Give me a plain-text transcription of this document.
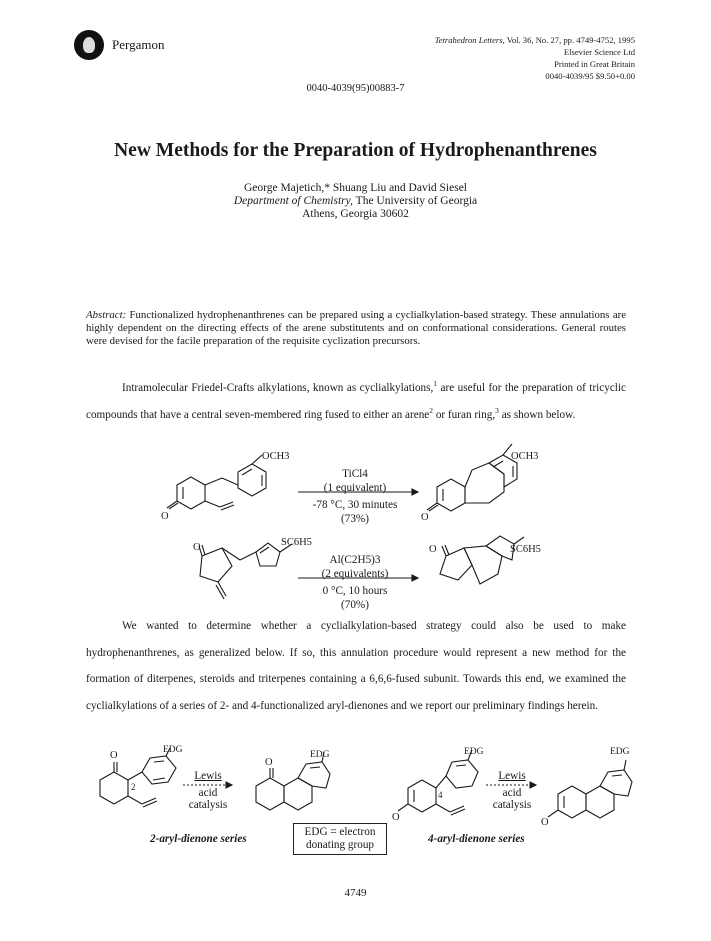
Pergamon	Tetrahedron Letters, Vol. 36, No. 27, pp. 4749-4752, 1995
Elsevier Science Ltd
Printed in Great Britain
0040-4039/95 $9.50+0.00
0040-4039(95)00883-7
New Methods for the Preparation of Hydrophenanthrenes
George Majetich,* Shuang Liu and David Siesel
Department of Chemistry, The University of Georgia
Athens, Georgia 30602
Abstract: Functionalized hydrophenanthrenes can be prepared using a cyclialkylation-based strategy. These annulations are highly dependent on the directing effects of the arene substitutents and on conformational considerations. General routes were devised for the facile preparation of the requisite cyclization precursors.

Intramolecular Friedel-Crafts alkylations, known as cyclialkylations,$^1$ are useful for the preparation of tricyclic compounds that have a central seven-membered ring fused to either an arene$^2$ or furan ring,$^3$ as shown below.

OCH3
O
OCH3
O
O	SC6H5
O	SC6H5
TiCl4
(1 equivalent)
-78 °C, 30 minutes
(73%)
Al(C2H5)3
(2 equivalents)
0 °C, 10 hours
(70%)

We wanted to determine whether a cyclialkylation-based strategy could also be used to make hydrophenanthrenes, as generalized below. If so, this annulation procedure would represent a new method for the formation of diterpenes, steroids and triterpenes containing a 6,6,6-fused subunit. Towards this end, we examined the cyclialkylations of a series of 2- and 4-functionalized aryl-dienones and we report our preliminary findings herein.

O
2
EDG
O
EDG
O
4
EDG
O
EDG
Lewis
acid
catalysis
Lewis
acid
catalysis
2-aryl-dienone series	4-aryl-dienone series
EDG = electron
donating group
4749
